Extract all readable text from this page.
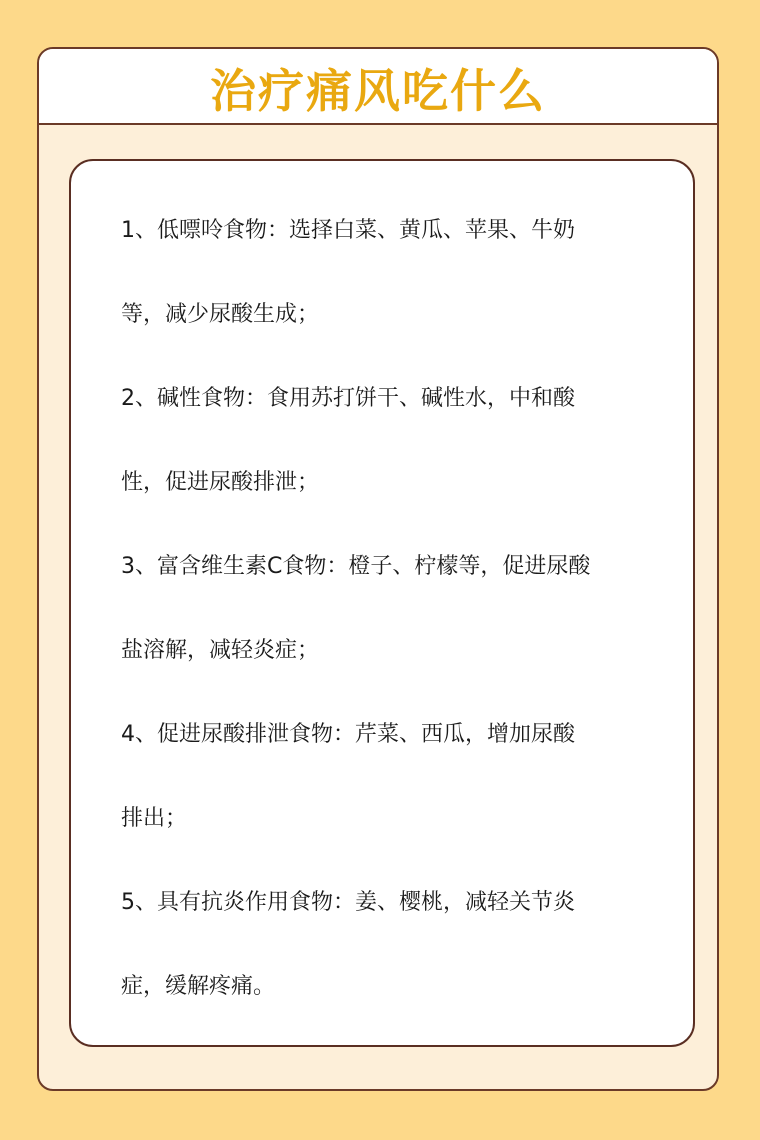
治疗痛风吃什么
1、低嘌呤食物：选择白菜、黄瓜、苹果、牛奶
等，减少尿酸生成；
2、碱性食物：食用苏打饼干、碱性水，中和酸
性，促进尿酸排泄；
3、富含维生素C食物：橙子、柠檬等，促进尿酸
盐溶解，减轻炎症；
4、促进尿酸排泄食物：芹菜、西瓜，增加尿酸
排出；
5、具有抗炎作用食物：姜、樱桃，减轻关节炎
症，缓解疼痛。
